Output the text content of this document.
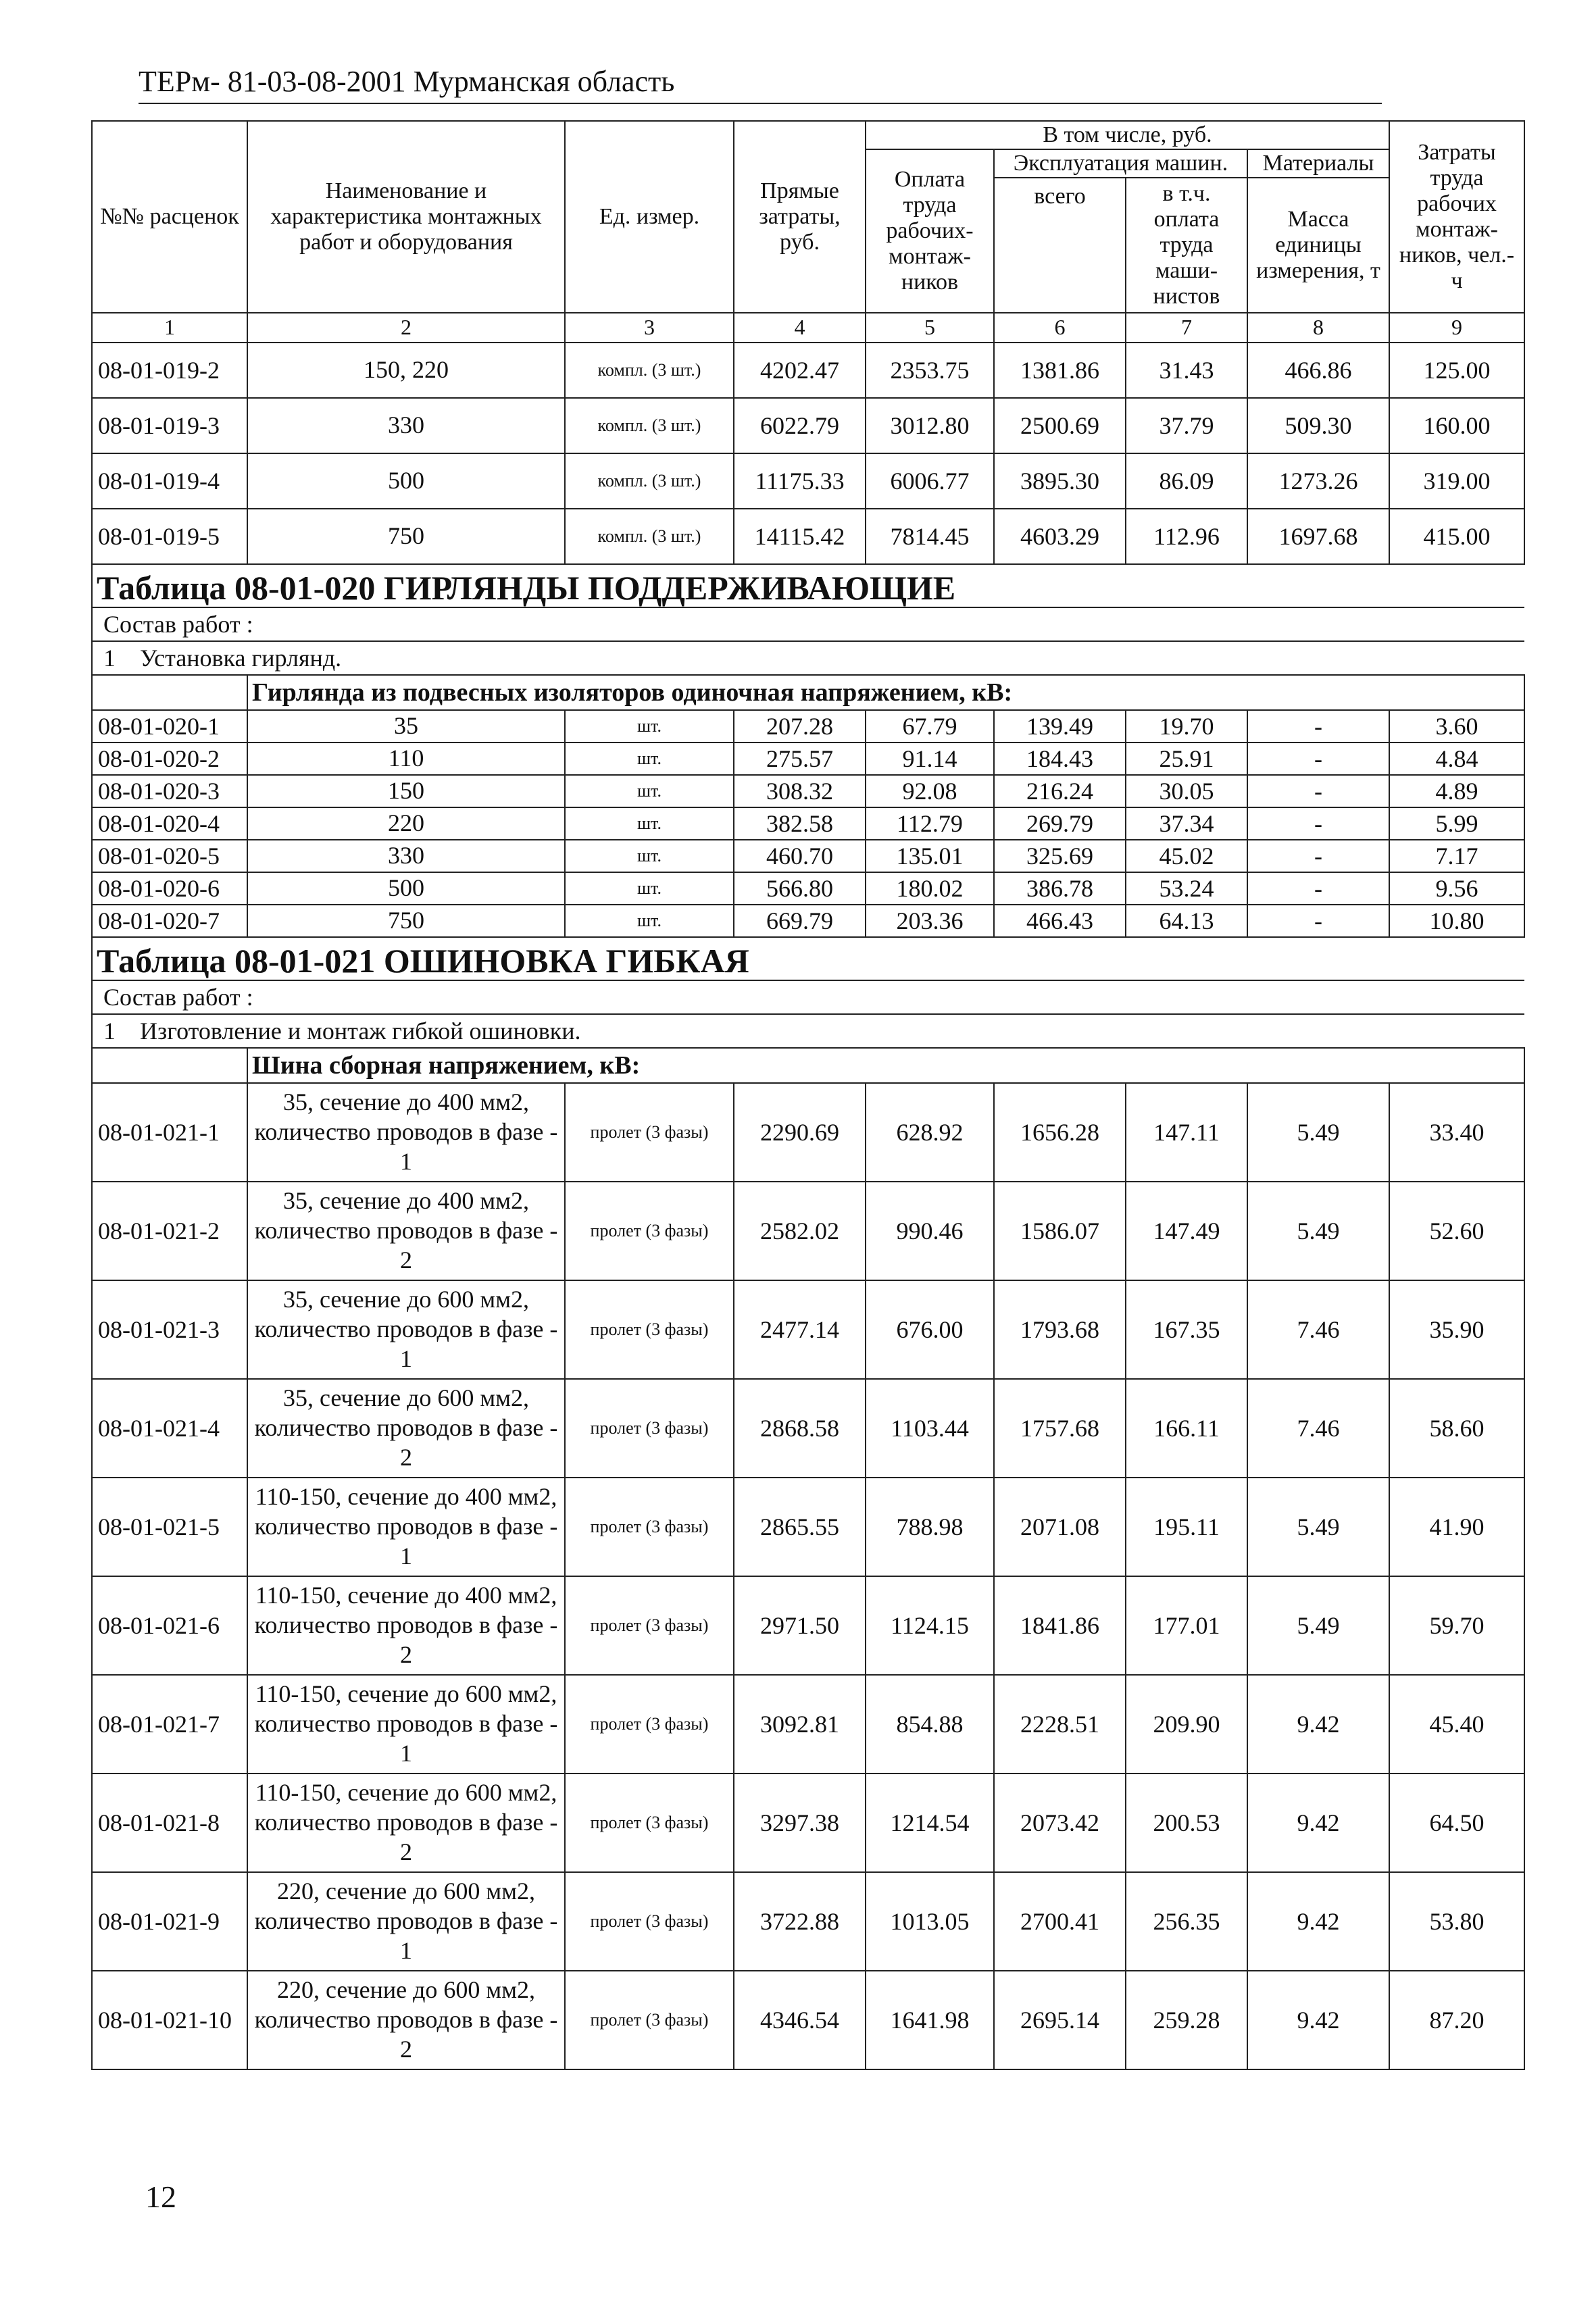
ТЕРм- 81-03-08-2001 Мурманская область
№№ расценок	Наименование и характеристика монтажных работ и оборудования	Ед. измер.	Прямые затраты, руб.	В том числе, руб.				Затраты труда рабочих монтаж-ников, чел.-ч
				Оплата труда рабочих-монтаж-ников	Эксплуатация машин.		Материалы	
					всего	в т.ч. оплата труда маши-нистов	Масса единицы измерения, т	
1	2	3	4	5	6	7	8	9
08-01-019-2	150, 220	компл. (3 шт.)	4202.47	2353.75	1381.86	31.43	466.86	125.00
08-01-019-3	330	компл. (3 шт.)	6022.79	3012.80	2500.69	37.79	509.30	160.00
08-01-019-4	500	компл. (3 шт.)	11175.33	6006.77	3895.30	86.09	1273.26	319.00
08-01-019-5	750	компл. (3 шт.)	14115.42	7814.45	4603.29	112.96	1697.68	415.00
Таблица 08-01-020 ГИРЛЯНДЫ ПОДДЕРЖИВАЮЩИЕ								
Состав работ :								
1 Установка гирлянд.								
	Гирлянда из подвесных изоляторов одиночная напряжением, кВ:							
08-01-020-1	35	шт.	207.28	67.79	139.49	19.70	-	3.60
08-01-020-2	110	шт.	275.57	91.14	184.43	25.91	-	4.84
08-01-020-3	150	шт.	308.32	92.08	216.24	30.05	-	4.89
08-01-020-4	220	шт.	382.58	112.79	269.79	37.34	-	5.99
08-01-020-5	330	шт.	460.70	135.01	325.69	45.02	-	7.17
08-01-020-6	500	шт.	566.80	180.02	386.78	53.24	-	9.56
08-01-020-7	750	шт.	669.79	203.36	466.43	64.13	-	10.80
Таблица 08-01-021 ОШИНОВКА ГИБКАЯ								
Состав работ :								
1 Изготовление и монтаж гибкой ошиновки.								
	Шина сборная напряжением, кВ:							
08-01-021-1	35, сечение до 400 мм2, количество проводов в фазе - 1	пролет (3 фазы)	2290.69	628.92	1656.28	147.11	5.49	33.40
08-01-021-2	35, сечение до 400 мм2, количество проводов в фазе - 2	пролет (3 фазы)	2582.02	990.46	1586.07	147.49	5.49	52.60
08-01-021-3	35, сечение до 600 мм2, количество проводов в фазе - 1	пролет (3 фазы)	2477.14	676.00	1793.68	167.35	7.46	35.90
08-01-021-4	35, сечение до 600 мм2, количество проводов в фазе - 2	пролет (3 фазы)	2868.58	1103.44	1757.68	166.11	7.46	58.60
08-01-021-5	110-150, сечение до 400 мм2, количество проводов в фазе - 1	пролет (3 фазы)	2865.55	788.98	2071.08	195.11	5.49	41.90
08-01-021-6	110-150, сечение до 400 мм2, количество проводов в фазе - 2	пролет (3 фазы)	2971.50	1124.15	1841.86	177.01	5.49	59.70
08-01-021-7	110-150, сечение до 600 мм2, количество проводов в фазе - 1	пролет (3 фазы)	3092.81	854.88	2228.51	209.90	9.42	45.40
08-01-021-8	110-150, сечение до 600 мм2, количество проводов в фазе - 2	пролет (3 фазы)	3297.38	1214.54	2073.42	200.53	9.42	64.50
08-01-021-9	220, сечение до 600 мм2, количество проводов в фазе - 1	пролет (3 фазы)	3722.88	1013.05	2700.41	256.35	9.42	53.80
08-01-021-10	220, сечение до 600 мм2, количество проводов в фазе - 2	пролет (3 фазы)	4346.54	1641.98	2695.14	259.28	9.42	87.20
12
